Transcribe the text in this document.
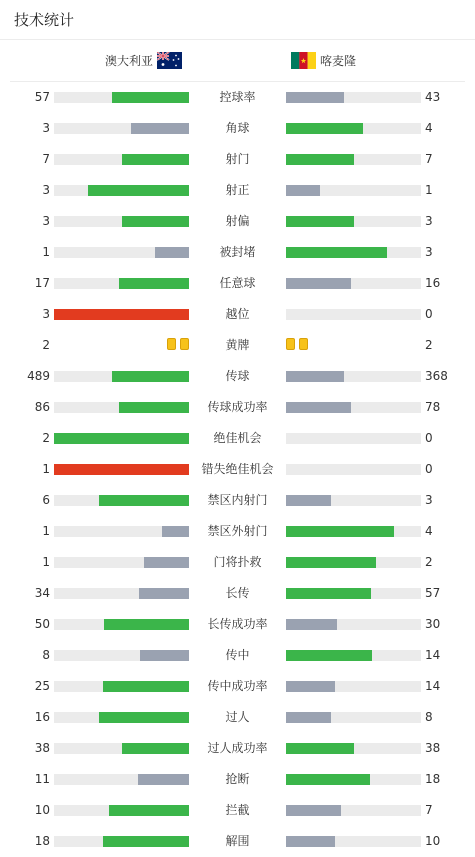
技术统计
澳大利亚	喀麦隆
57	控球率	43
3	角球	4
7	射门	7
3	射正	1
3	射偏	3
1	被封堵	3
17	任意球	16
3	越位	0
2	黄牌	2
489	传球	368
86	传球成功率	78
2	绝佳机会	0
1	错失绝佳机会	0
6	禁区内射门	3
1	禁区外射门	4
1	门将扑救	2
34	长传	57
50	长传成功率	30
8	传中	14
25	传中成功率	14
16	过人	8
38	过人成功率	38
11	抢断	18
10	拦截	7
18	解围	10
